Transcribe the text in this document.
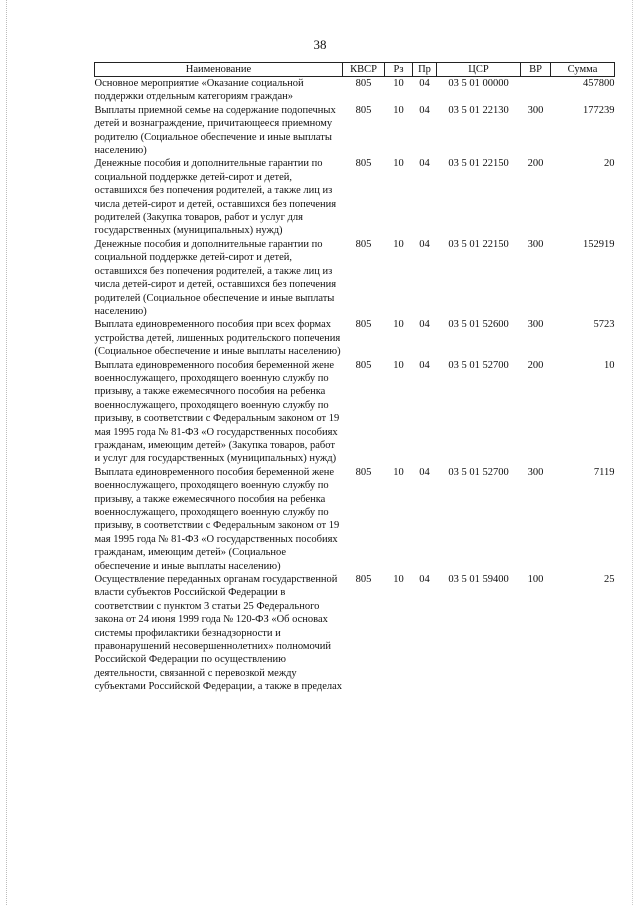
38
Наименование	КВСР	Рз	Пр	ЦСР	ВР	Сумма
Основное мероприятие «Оказание социальной поддержки отдельным категориям граждан»	805	10	04	03 5 01 00000		457800
Выплаты приемной семье на содержание подопечных детей и вознаграждение, причитающееся приемному родителю (Социальное обеспечение и иные выплаты населению)	805	10	04	03 5 01 22130	300	177239
Денежные пособия и дополнительные гарантии по социальной поддержке детей-сирот и детей, оставшихся без попечения родителей, а также лиц из числа детей-сирот и детей, оставшихся без попечения родителей (Закупка товаров, работ и услуг для государственных (муниципальных) нужд)	805	10	04	03 5 01 22150	200	20
Денежные пособия и дополнительные гарантии по социальной поддержке детей-сирот и детей, оставшихся без попечения родителей, а также лиц из числа детей-сирот и детей, оставшихся без попечения родителей (Социальное обеспечение и иные выплаты населению)	805	10	04	03 5 01 22150	300	152919
Выплата единовременного пособия при всех формах устройства детей, лишенных родительского попечения (Социальное обеспечение и иные выплаты населению)	805	10	04	03 5 01 52600	300	5723
Выплата единовременного пособия беременной жене военнослужащего, проходящего военную службу по призыву, а также ежемесячного пособия на ребенка военнослужащего, проходящего военную службу по призыву, в соответствии с Федеральным законом от 19 мая 1995 года № 81-ФЗ «О государственных пособиях гражданам, имеющим детей» (Закупка товаров, работ и услуг для государственных (муниципальных) нужд)	805	10	04	03 5 01 52700	200	10
Выплата единовременного пособия беременной жене военнослужащего, проходящего военную службу по призыву, а также ежемесячного пособия на ребенка военнослужащего, проходящего военную службу по призыву, в соответствии с Федеральным законом от 19 мая 1995 года № 81-ФЗ «О государственных пособиях гражданам, имеющим детей» (Социальное обеспечение и иные выплаты населению)	805	10	04	03 5 01 52700	300	7119
Осуществление переданных органам государственной власти субъектов Российской Федерации в соответствии с пунктом 3 статьи 25 Федерального закона от 24 июня 1999 года № 120-ФЗ «Об основах системы профилактики безнадзорности и правонарушений несовершеннолетних» полномочий Российской Федерации по осуществлению деятельности, связанной с перевозкой между субъектами Российской Федерации, а также в пределах	805	10	04	03 5 01 59400	100	25
